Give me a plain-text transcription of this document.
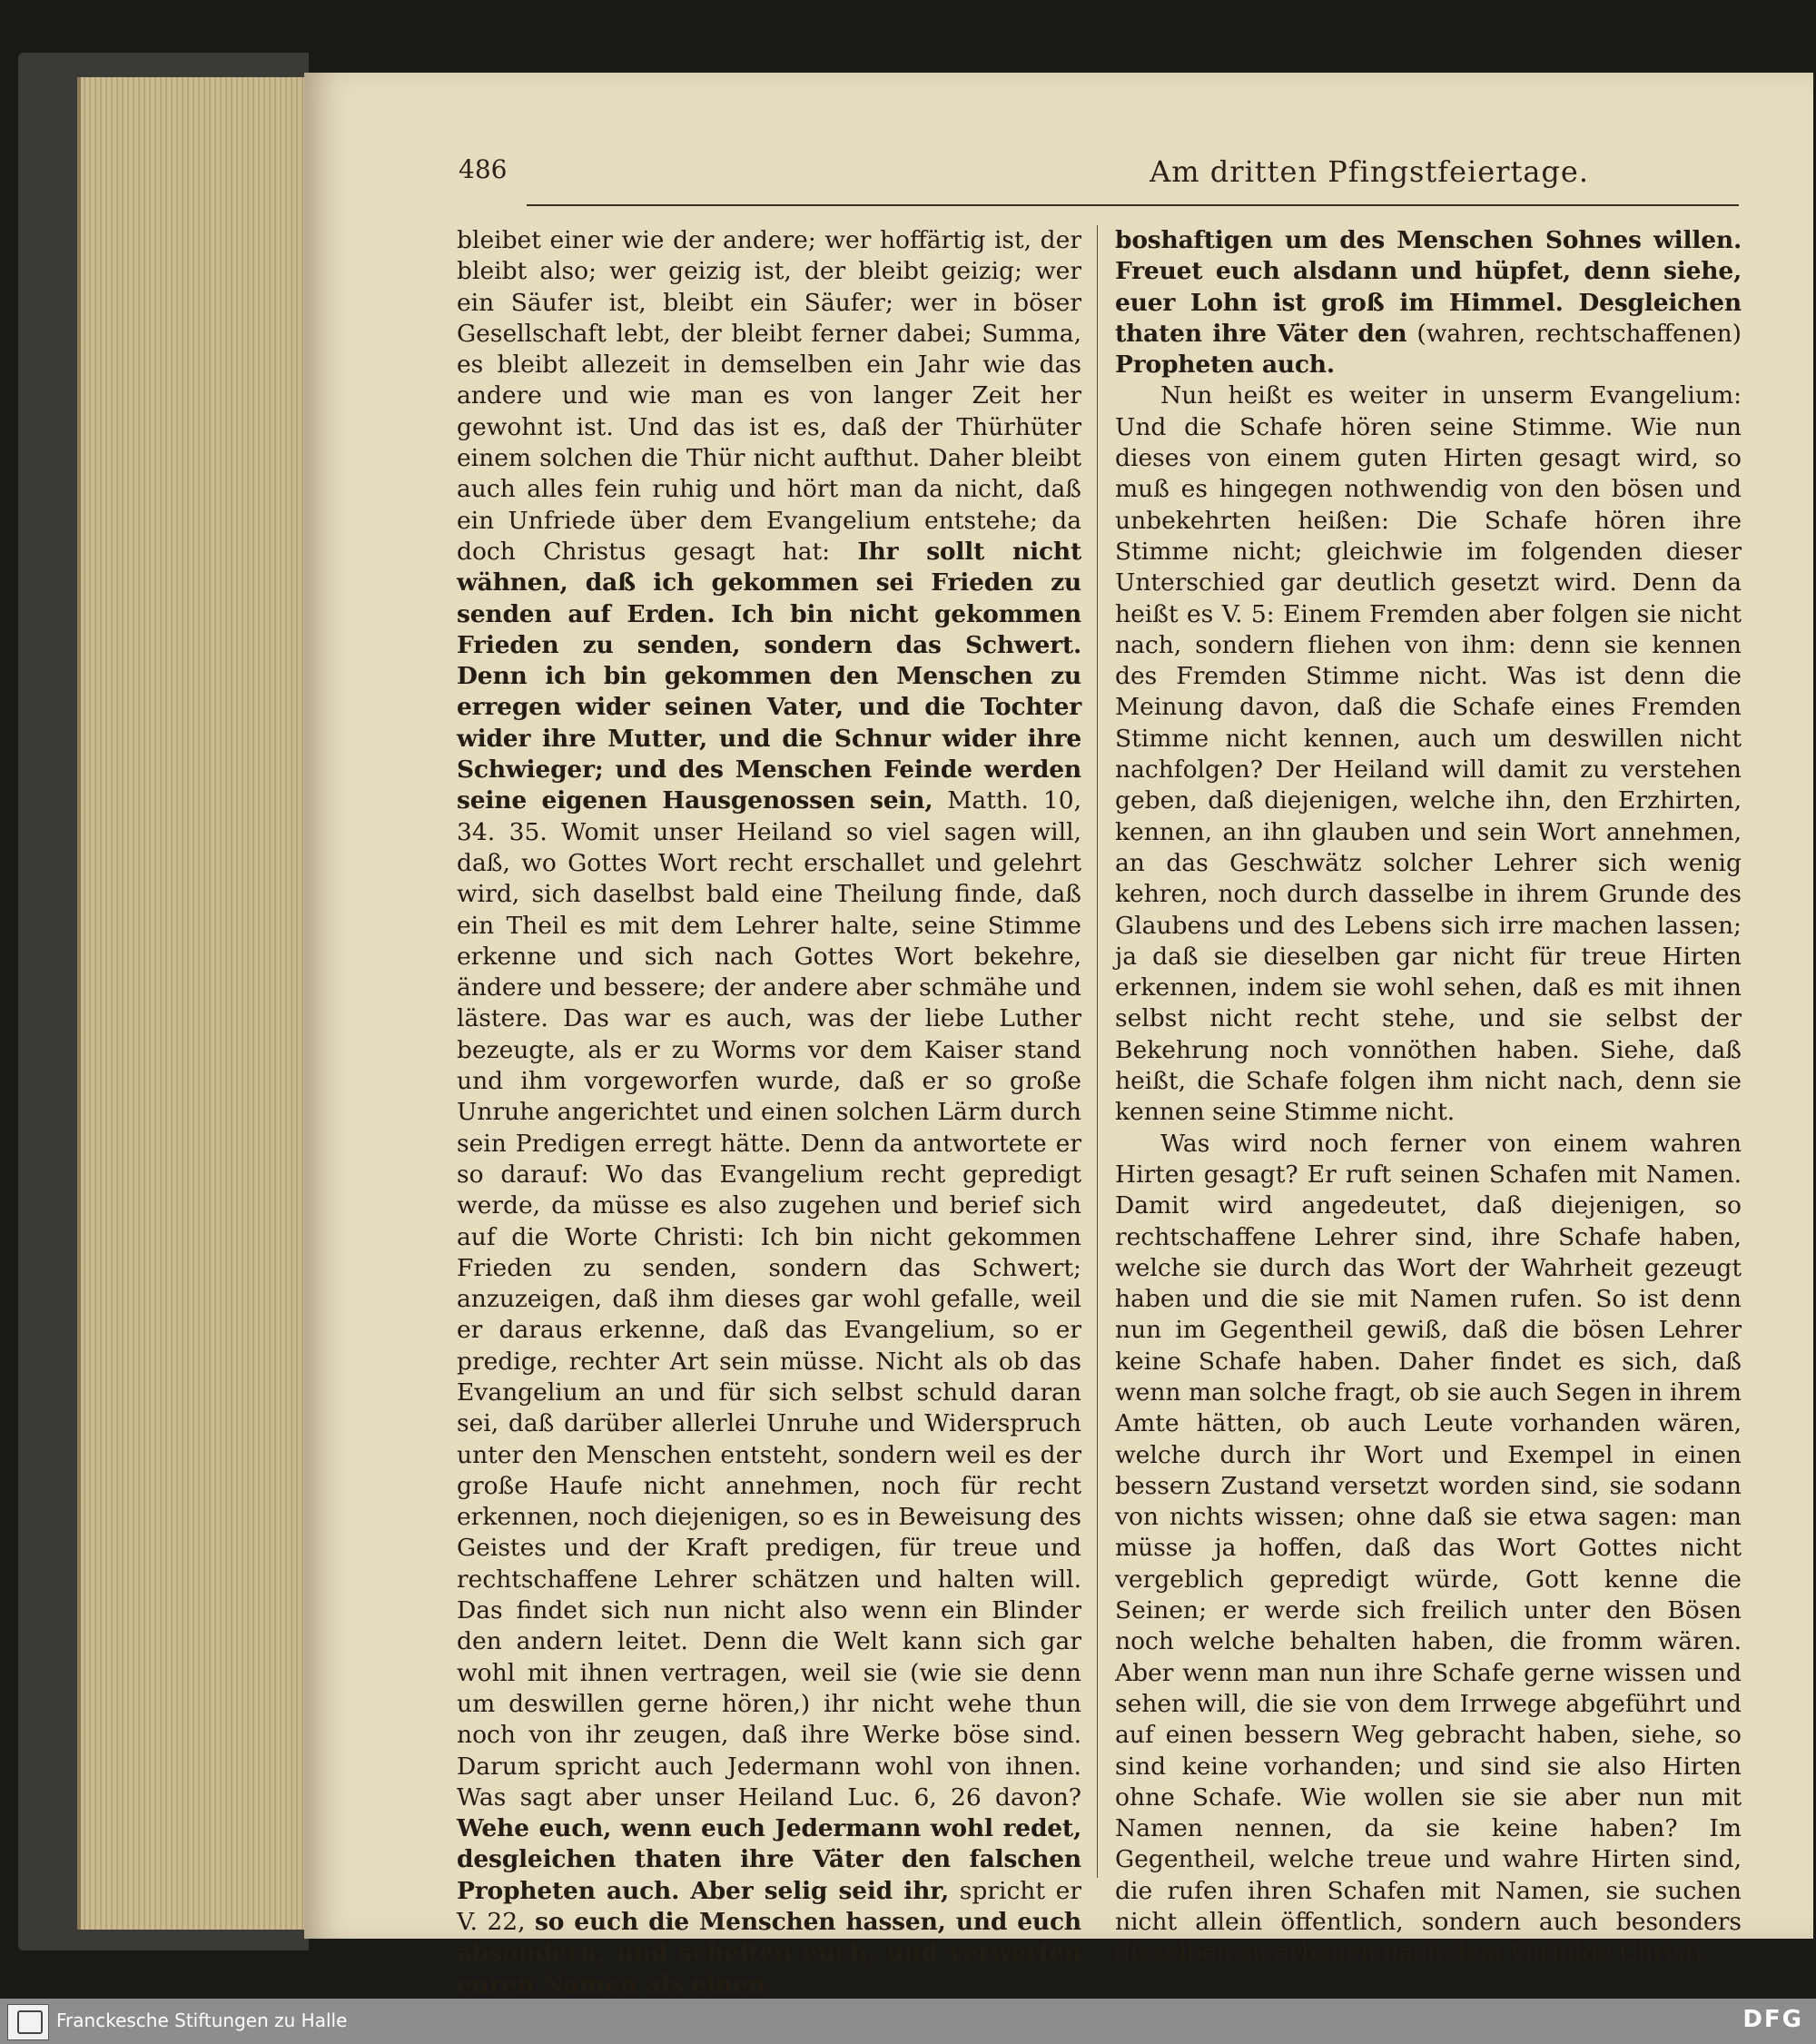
486	Am dritten Pfingstfeiertage.

bleibet einer wie der andere; wer hoffärtig ist, der bleibt also; wer geizig ist, der bleibt geizig; wer ein Säufer ist, bleibt ein Säufer; wer in böser Gesellschaft lebt, der bleibt ferner dabei; Summa, es bleibt allezeit in demselben ein Jahr wie das andere und wie man es von langer Zeit her gewohnt ist. Und das ist es, daß der Thürhüter einem solchen die Thür nicht aufthut. Daher bleibt auch alles fein ruhig und hört man da nicht, daß ein Unfriede über dem Evangelium entstehe; da doch Christus gesagt hat: Ihr sollt nicht wähnen, daß ich gekommen sei Frieden zu senden auf Erden. Ich bin nicht gekommen Frieden zu senden, sondern das Schwert. Denn ich bin gekommen den Menschen zu erregen wider seinen Vater, und die Tochter wider ihre Mutter, und die Schnur wider ihre Schwieger; und des Menschen Feinde werden seine eigenen Hausgenossen sein, Matth. 10, 34. 35. Womit unser Heiland so viel sagen will, daß, wo Gottes Wort recht erschallet und gelehrt wird, sich daselbst bald eine Theilung finde, daß ein Theil es mit dem Lehrer halte, seine Stimme erkenne und sich nach Gottes Wort bekehre, ändere und bessere; der andere aber schmähe und lästere. Das war es auch, was der liebe Luther bezeugte, als er zu Worms vor dem Kaiser stand und ihm vorgeworfen wurde, daß er so große Unruhe angerichtet und einen solchen Lärm durch sein Predigen erregt hätte. Denn da antwortete er so darauf: Wo das Evangelium recht gepredigt werde, da müsse es also zugehen und berief sich auf die Worte Christi: Ich bin nicht gekommen Frieden zu senden, sondern das Schwert; anzuzeigen, daß ihm dieses gar wohl gefalle, weil er daraus erkenne, daß das Evangelium, so er predige, rechter Art sein müsse. Nicht als ob das Evangelium an und für sich selbst schuld daran sei, daß darüber allerlei Unruhe und Widerspruch unter den Menschen entsteht, sondern weil es der große Haufe nicht annehmen, noch für recht erkennen, noch diejenigen, so es in Beweisung des Geistes und der Kraft predigen, für treue und rechtschaffene Lehrer schätzen und halten will. Das findet sich nun nicht also wenn ein Blinder den andern leitet. Denn die Welt kann sich gar wohl mit ihnen vertragen, weil sie (wie sie denn um deswillen gerne hören,) ihr nicht wehe thun noch von ihr zeugen, daß ihre Werke böse sind. Darum spricht auch Jedermann wohl von ihnen. Was sagt aber unser Heiland Luc. 6, 26 davon? Wehe euch, wenn euch Jedermann wohl redet, desgleichen thaten ihre Väter den falschen Propheten auch. Aber selig seid ihr, spricht er V. 22, so euch die Menschen hassen, und euch absondern, und schelten euch, und verwerfen euren Namen als einen

boshaftigen um des Menschen Sohnes willen. Freuet euch alsdann und hüpfet, denn siehe, euer Lohn ist groß im Himmel. Desgleichen thaten ihre Väter den (wahren, rechtschaffenen) Propheten auch.

Nun heißt es weiter in unserm Evangelium: Und die Schafe hören seine Stimme. Wie nun dieses von einem guten Hirten gesagt wird, so muß es hingegen nothwendig von den bösen und unbekehrten heißen: Die Schafe hören ihre Stimme nicht; gleichwie im folgenden dieser Unterschied gar deutlich gesetzt wird. Denn da heißt es V. 5: Einem Fremden aber folgen sie nicht nach, sondern fliehen von ihm: denn sie kennen des Fremden Stimme nicht. Was ist denn die Meinung davon, daß die Schafe eines Fremden Stimme nicht kennen, auch um deswillen nicht nachfolgen? Der Heiland will damit zu verstehen geben, daß diejenigen, welche ihn, den Erzhirten, kennen, an ihn glauben und sein Wort annehmen, an das Geschwätz solcher Lehrer sich wenig kehren, noch durch dasselbe in ihrem Grunde des Glaubens und des Lebens sich irre machen lassen; ja daß sie dieselben gar nicht für treue Hirten erkennen, indem sie wohl sehen, daß es mit ihnen selbst nicht recht stehe, und sie selbst der Bekehrung noch vonnöthen haben. Siehe, daß heißt, die Schafe folgen ihm nicht nach, denn sie kennen seine Stimme nicht.

Was wird noch ferner von einem wahren Hirten gesagt? Er ruft seinen Schafen mit Namen. Damit wird angedeutet, daß diejenigen, so rechtschaffene Lehrer sind, ihre Schafe haben, welche sie durch das Wort der Wahrheit gezeugt haben und die sie mit Namen rufen. So ist denn nun im Gegentheil gewiß, daß die bösen Lehrer keine Schafe haben. Daher findet es sich, daß wenn man solche fragt, ob sie auch Segen in ihrem Amte hätten, ob auch Leute vorhanden wären, welche durch ihr Wort und Exempel in einen bessern Zustand versetzt worden sind, sie sodann von nichts wissen; ohne daß sie etwa sagen: man müsse ja hoffen, daß das Wort Gottes nicht vergeblich gepredigt würde, Gott kenne die Seinen; er werde sich freilich unter den Bösen noch welche behalten haben, die fromm wären. Aber wenn man nun ihre Schafe gerne wissen und sehen will, die sie von dem Irrwege abgeführt und auf einen bessern Weg gebracht haben, siehe, so sind keine vorhanden; und sind sie also Hirten ohne Schafe. Wie wollen sie sie aber nun mit Namen nennen, da sie keine haben? Im Gegentheil, welche treue und wahre Hirten sind, die rufen ihren Schafen mit Namen, sie suchen nicht allein öffentlich, sondern auch besonders dieselben zu erbauen nach dem Vorbilde Christi

Franckesche Stiftungen zu Halle	DFG
